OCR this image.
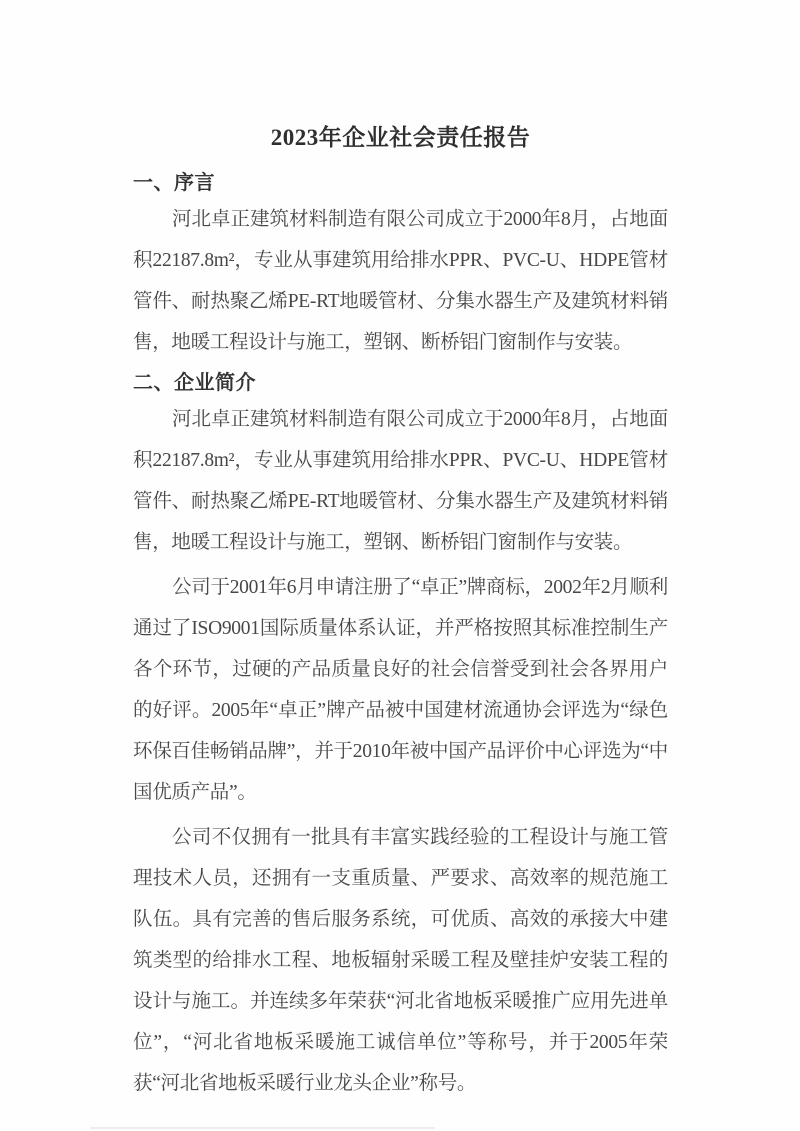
2023年企业社会责任报告
一、序言

河北卓正建筑材料制造有限公司成立于2000年8月，占地面积22187.8m²，专业从事建筑用给排水PPR、PVC-U、HDPE管材管件、耐热聚乙烯PE-RT地暖管材、分集水器生产及建筑材料销售，地暖工程设计与施工，塑钢、断桥铝门窗制作与安装。

二、企业简介

河北卓正建筑材料制造有限公司成立于2000年8月，占地面积22187.8m²，专业从事建筑用给排水PPR、PVC-U、HDPE管材管件、耐热聚乙烯PE-RT地暖管材、分集水器生产及建筑材料销售，地暖工程设计与施工，塑钢、断桥铝门窗制作与安装。

公司于2001年6月申请注册了“卓正”牌商标，2002年2月顺利通过了ISO9001国际质量体系认证，并严格按照其标准控制生产各个环节，过硬的产品质量良好的社会信誉受到社会各界用户的好评。2005年“卓正”牌产品被中国建材流通协会评选为“绿色环保百佳畅销品牌”，并于2010年被中国产品评价中心评选为“中国优质产品”。

公司不仅拥有一批具有丰富实践经验的工程设计与施工管理技术人员，还拥有一支重质量、严要求、高效率的规范施工队伍。具有完善的售后服务系统，可优质、高效的承接大中建筑类型的给排水工程、地板辐射采暖工程及壁挂炉安装工程的设计与施工。并连续多年荣获“河北省地板采暖推广应用先进单位”，“河北省地板采暖施工诚信单位”等称号，并于2005年荣获“河北省地板采暖行业龙头企业”称号。
